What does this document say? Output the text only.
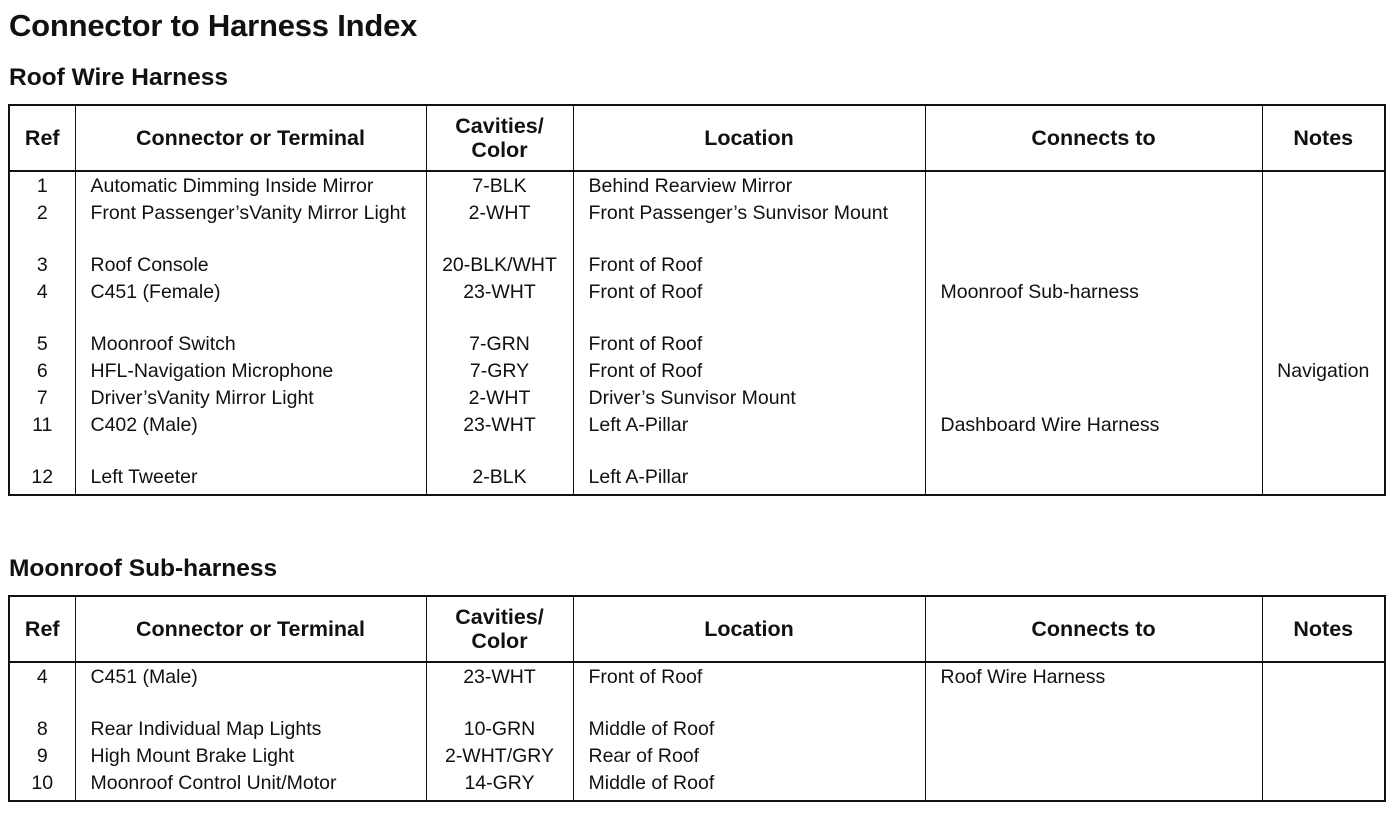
Connector to Harness Index
Roof Wire Harness
Ref	Connector or Terminal	Cavities/ Color	Location	Connects to	Notes
1	Automatic Dimming Inside Mirror	7-BLK	Behind Rearview Mirror		
2	Front Passenger’sVanity Mirror Light	2-WHT	Front Passenger’s Sunvisor Mount		
3	Roof Console	20-BLK/WHT	Front of Roof		
4	C451 (Female)	23-WHT	Front of Roof	Moonroof Sub-harness	
5	Moonroof Switch	7-GRN	Front of Roof		
6	HFL-Navigation Microphone	7-GRY	Front of Roof		Navigation
7	Driver’sVanity Mirror Light	2-WHT	Driver’s Sunvisor Mount		
11	C402 (Male)	23-WHT	Left A-Pillar	Dashboard Wire Harness	
12	Left Tweeter	2-BLK	Left A-Pillar		
Moonroof Sub-harness
Ref	Connector or Terminal	Cavities/ Color	Location	Connects to	Notes
4	C451 (Male)	23-WHT	Front of Roof	Roof Wire Harness	
8	Rear Individual Map Lights	10-GRN	Middle of Roof		
9	High Mount Brake Light	2-WHT/GRY	Rear of Roof		
10	Moonroof Control Unit/Motor	14-GRY	Middle of Roof		
